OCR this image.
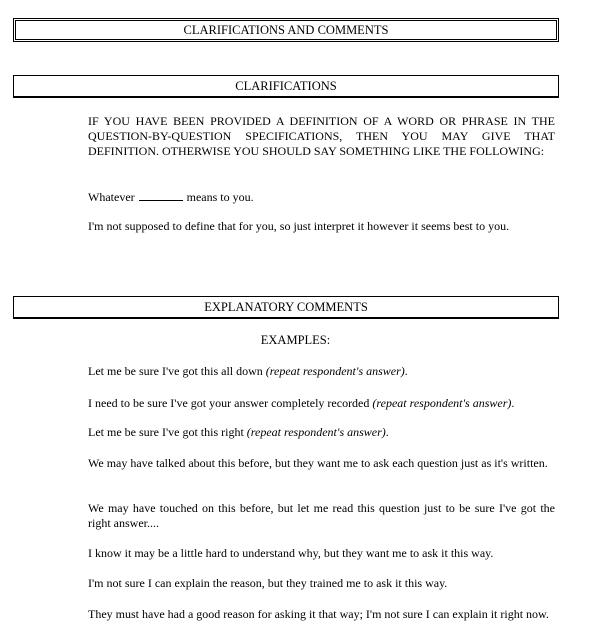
CLARIFICATIONS AND COMMENTS
CLARIFICATIONS
IF YOU HAVE BEEN PROVIDED A DEFINITION OF A WORD OR PHRASE IN THE QUESTION-BY-QUESTION SPECIFICATIONS, THEN YOU MAY GIVE THAT DEFINITION. OTHERWISE YOU SHOULD SAY SOMETHING LIKE THE FOLLOWING:
Whatever	means to you.
I'm not supposed to define that for you, so just interpret it however it seems best to you.
EXPLANATORY COMMENTS
EXAMPLES:
Let me be sure I've got this all down (repeat respondent's answer).
I need to be sure I've got your answer completely recorded (repeat respondent's answer).
Let me be sure I've got this right (repeat respondent's answer).
We may have talked about this before, but they want me to ask each question just as it's written.
We may have touched on this before, but let me read this question just to be sure I've got the right answer....
I know it may be a little hard to understand why, but they want me to ask it this way.
I'm not sure I can explain the reason, but they trained me to ask it this way.
They must have had a good reason for asking it that way; I'm not sure I can explain it right now.
